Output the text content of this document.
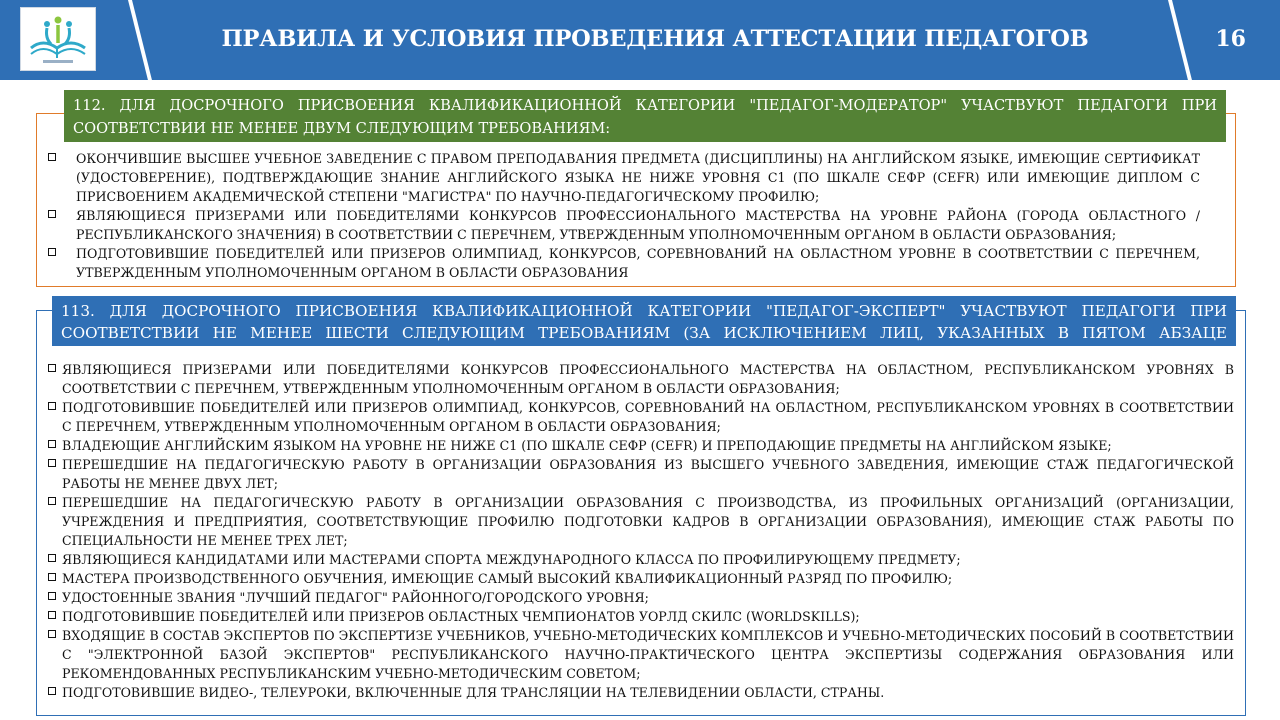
ПРАВИЛА И УСЛОВИЯ ПРОВЕДЕНИЯ АТТЕСТАЦИИ ПЕДАГОГОВ	16
112. ДЛЯ ДОСРОЧНОГО ПРИСВОЕНИЯ КВАЛИФИКАЦИОННОЙ КАТЕГОРИИ "ПЕДАГОГ-МОДЕРАТОР" УЧАСТВУЮТ ПЕДАГОГИ ПРИ СООТВЕТСТВИИ НЕ МЕНЕЕ ДВУМ СЛЕДУЮЩИМ ТРЕБОВАНИЯМ:
ОКОНЧИВШИЕ ВЫСШЕЕ УЧЕБНОЕ ЗАВЕДЕНИЕ С ПРАВОМ ПРЕПОДАВАНИЯ ПРЕДМЕТА (ДИСЦИПЛИНЫ) НА АНГЛИЙСКОМ ЯЗЫКЕ, ИМЕЮЩИЕ СЕРТИФИКАТ (УДОСТОВЕРЕНИЕ), ПОДТВЕРЖДАЮЩИЕ ЗНАНИЕ АНГЛИЙСКОГО ЯЗЫКА НЕ НИЖЕ УРОВНЯ С1 (ПО ШКАЛЕ СЕФР (CEFR) ИЛИ ИМЕЮЩИЕ ДИПЛОМ С ПРИСВОЕНИЕМ АКАДЕМИЧЕСКОЙ СТЕПЕНИ "МАГИСТРА" ПО НАУЧНО-ПЕДАГОГИЧЕСКОМУ ПРОФИЛЮ;
ЯВЛЯЮЩИЕСЯ ПРИЗЕРАМИ ИЛИ ПОБЕДИТЕЛЯМИ КОНКУРСОВ ПРОФЕССИОНАЛЬНОГО МАСТЕРСТВА НА УРОВНЕ РАЙОНА (ГОРОДА ОБЛАСТНОГО /РЕСПУБЛИКАНСКОГО ЗНАЧЕНИЯ) В СООТВЕТСТВИИ С ПЕРЕЧНЕМ, УТВЕРЖДЕННЫМ УПОЛНОМОЧЕННЫМ ОРГАНОМ В ОБЛАСТИ ОБРАЗОВАНИЯ;
ПОДГОТОВИВШИЕ ПОБЕДИТЕЛЕЙ ИЛИ ПРИЗЕРОВ ОЛИМПИАД, КОНКУРСОВ, СОРЕВНОВАНИЙ НА ОБЛАСТНОМ УРОВНЕ В СООТВЕТСТВИИ С ПЕРЕЧНЕМ, УТВЕРЖДЕННЫМ УПОЛНОМОЧЕННЫМ ОРГАНОМ В ОБЛАСТИ ОБРАЗОВАНИЯ
113. ДЛЯ ДОСРОЧНОГО ПРИСВОЕНИЯ КВАЛИФИКАЦИОННОЙ КАТЕГОРИИ "ПЕДАГОГ-ЭКСПЕРТ" УЧАСТВУЮТ ПЕДАГОГИ ПРИ СООТВЕТСТВИИ НЕ МЕНЕЕ ШЕСТИ СЛЕДУЮЩИМ ТРЕБОВАНИЯМ (ЗА ИСКЛЮЧЕНИЕМ ЛИЦ, УКАЗАННЫХ В ПЯТОМ АБЗАЦЕ НАСТОЯЩЕГО ПУНКТА):
ЯВЛЯЮЩИЕСЯ ПРИЗЕРАМИ ИЛИ ПОБЕДИТЕЛЯМИ КОНКУРСОВ ПРОФЕССИОНАЛЬНОГО МАСТЕРСТВА НА ОБЛАСТНОМ, РЕСПУБЛИКАНСКОМ УРОВНЯХ В СООТВЕТСТВИИ С ПЕРЕЧНЕМ, УТВЕРЖДЕННЫМ УПОЛНОМОЧЕННЫМ ОРГАНОМ В ОБЛАСТИ ОБРАЗОВАНИЯ;
ПОДГОТОВИВШИЕ ПОБЕДИТЕЛЕЙ ИЛИ ПРИЗЕРОВ ОЛИМПИАД, КОНКУРСОВ, СОРЕВНОВАНИЙ НА ОБЛАСТНОМ, РЕСПУБЛИКАНСКОМ УРОВНЯХ В СООТВЕТСТВИИ С ПЕРЕЧНЕМ, УТВЕРЖДЕННЫМ УПОЛНОМОЧЕННЫМ ОРГАНОМ В ОБЛАСТИ ОБРАЗОВАНИЯ;
ВЛАДЕЮЩИЕ АНГЛИЙСКИМ ЯЗЫКОМ НА УРОВНЕ НЕ НИЖЕ С1 (ПО ШКАЛЕ СЕФР (CEFR) И ПРЕПОДАЮЩИЕ ПРЕДМЕТЫ НА АНГЛИЙСКОМ ЯЗЫКЕ;
ПЕРЕШЕДШИЕ НА ПЕДАГОГИЧЕСКУЮ РАБОТУ В ОРГАНИЗАЦИИ ОБРАЗОВАНИЯ ИЗ ВЫСШЕГО УЧЕБНОГО ЗАВЕДЕНИЯ, ИМЕЮЩИЕ СТАЖ ПЕДАГОГИЧЕСКОЙ РАБОТЫ НЕ МЕНЕЕ ДВУХ ЛЕТ;
ПЕРЕШЕДШИЕ НА ПЕДАГОГИЧЕСКУЮ РАБОТУ В ОРГАНИЗАЦИИ ОБРАЗОВАНИЯ С ПРОИЗВОДСТВА, ИЗ ПРОФИЛЬНЫХ ОРГАНИЗАЦИЙ (ОРГАНИЗАЦИИ, УЧРЕЖДЕНИЯ И ПРЕДПРИЯТИЯ, СООТВЕТСТВУЮЩИЕ ПРОФИЛЮ ПОДГОТОВКИ КАДРОВ В ОРГАНИЗАЦИИ ОБРАЗОВАНИЯ), ИМЕЮЩИЕ СТАЖ РАБОТЫ ПО СПЕЦИАЛЬНОСТИ НЕ МЕНЕЕ ТРЕХ ЛЕТ;
ЯВЛЯЮЩИЕСЯ КАНДИДАТАМИ ИЛИ МАСТЕРАМИ СПОРТА МЕЖДУНАРОДНОГО КЛАССА ПО ПРОФИЛИРУЮЩЕМУ ПРЕДМЕТУ;
МАСТЕРА ПРОИЗВОДСТВЕННОГО ОБУЧЕНИЯ, ИМЕЮЩИЕ САМЫЙ ВЫСОКИЙ КВАЛИФИКАЦИОННЫЙ РАЗРЯД ПО ПРОФИЛЮ;
УДОСТОЕННЫЕ ЗВАНИЯ "ЛУЧШИЙ ПЕДАГОГ" РАЙОННОГО/ГОРОДСКОГО УРОВНЯ;
ПОДГОТОВИВШИЕ ПОБЕДИТЕЛЕЙ ИЛИ ПРИЗЕРОВ ОБЛАСТНЫХ ЧЕМПИОНАТОВ УОРЛД СКИЛС (WORLDSKILLS);
ВХОДЯЩИЕ В СОСТАВ ЭКСПЕРТОВ ПО ЭКСПЕРТИЗЕ УЧЕБНИКОВ, УЧЕБНО-МЕТОДИЧЕСКИХ КОМПЛЕКСОВ И УЧЕБНО-МЕТОДИЧЕСКИХ ПОСОБИЙ В СООТВЕТСТВИИ С "ЭЛЕКТРОННОЙ БАЗОЙ ЭКСПЕРТОВ" РЕСПУБЛИКАНСКОГО НАУЧНО-ПРАКТИЧЕСКОГО ЦЕНТРА ЭКСПЕРТИЗЫ СОДЕРЖАНИЯ ОБРАЗОВАНИЯ ИЛИ РЕКОМЕНДОВАННЫХ РЕСПУБЛИКАНСКИМ УЧЕБНО-МЕТОДИЧЕСКИМ СОВЕТОМ;
ПОДГОТОВИВШИЕ ВИДЕО-, ТЕЛЕУРОКИ, ВКЛЮЧЕННЫЕ ДЛЯ ТРАНСЛЯЦИИ НА ТЕЛЕВИДЕНИИ ОБЛАСТИ, СТРАНЫ.
